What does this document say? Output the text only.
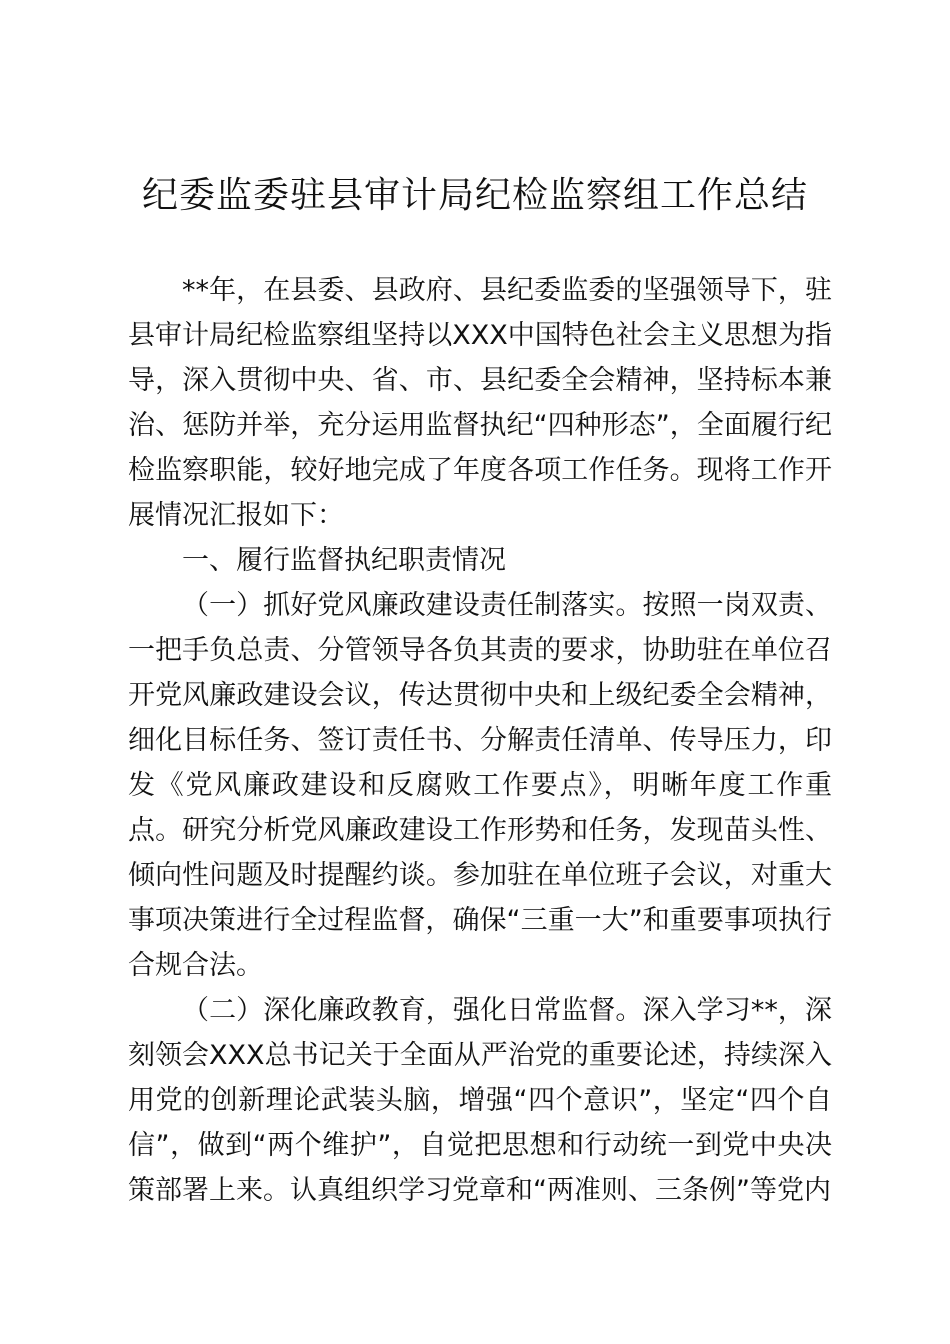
纪委监委驻县审计局纪检监察组工作总结

**年，在县委、县政府、县纪委监委的坚强领导下，驻县审计局纪检监察组坚持以XXX中国特色社会主义思想为指导，深入贯彻中央、省、市、县纪委全会精神，坚持标本兼治、惩防并举，充分运用监督执纪“四种形态”，全面履行纪检监察职能，较好地完成了年度各项工作任务。现将工作开展情况汇报如下：

一、履行监督执纪职责情况

（一）抓好党风廉政建设责任制落实。按照一岗双责、一把手负总责、分管领导各负其责的要求，协助驻在单位召开党风廉政建设会议，传达贯彻中央和上级纪委全会精神，细化目标任务、签订责任书、分解责任清单、传导压力，印发《党风廉政建设和反腐败工作要点》，明晰年度工作重点。研究分析党风廉政建设工作形势和任务，发现苗头性、倾向性问题及时提醒约谈。参加驻在单位班子会议，对重大事项决策进行全过程监督，确保“三重一大”和重要事项执行合规合法。

（二）深化廉政教育，强化日常监督。深入学习**，深刻领会XXX总书记关于全面从严治党的重要论述，持续深入用党的创新理论武装头脑，增强“四个意识”，坚定“四个自信”，做到“两个维护”，自觉把思想和行动统一到党中央决策部署上来。认真组织学习党章和“两准则、三条例”等党内
